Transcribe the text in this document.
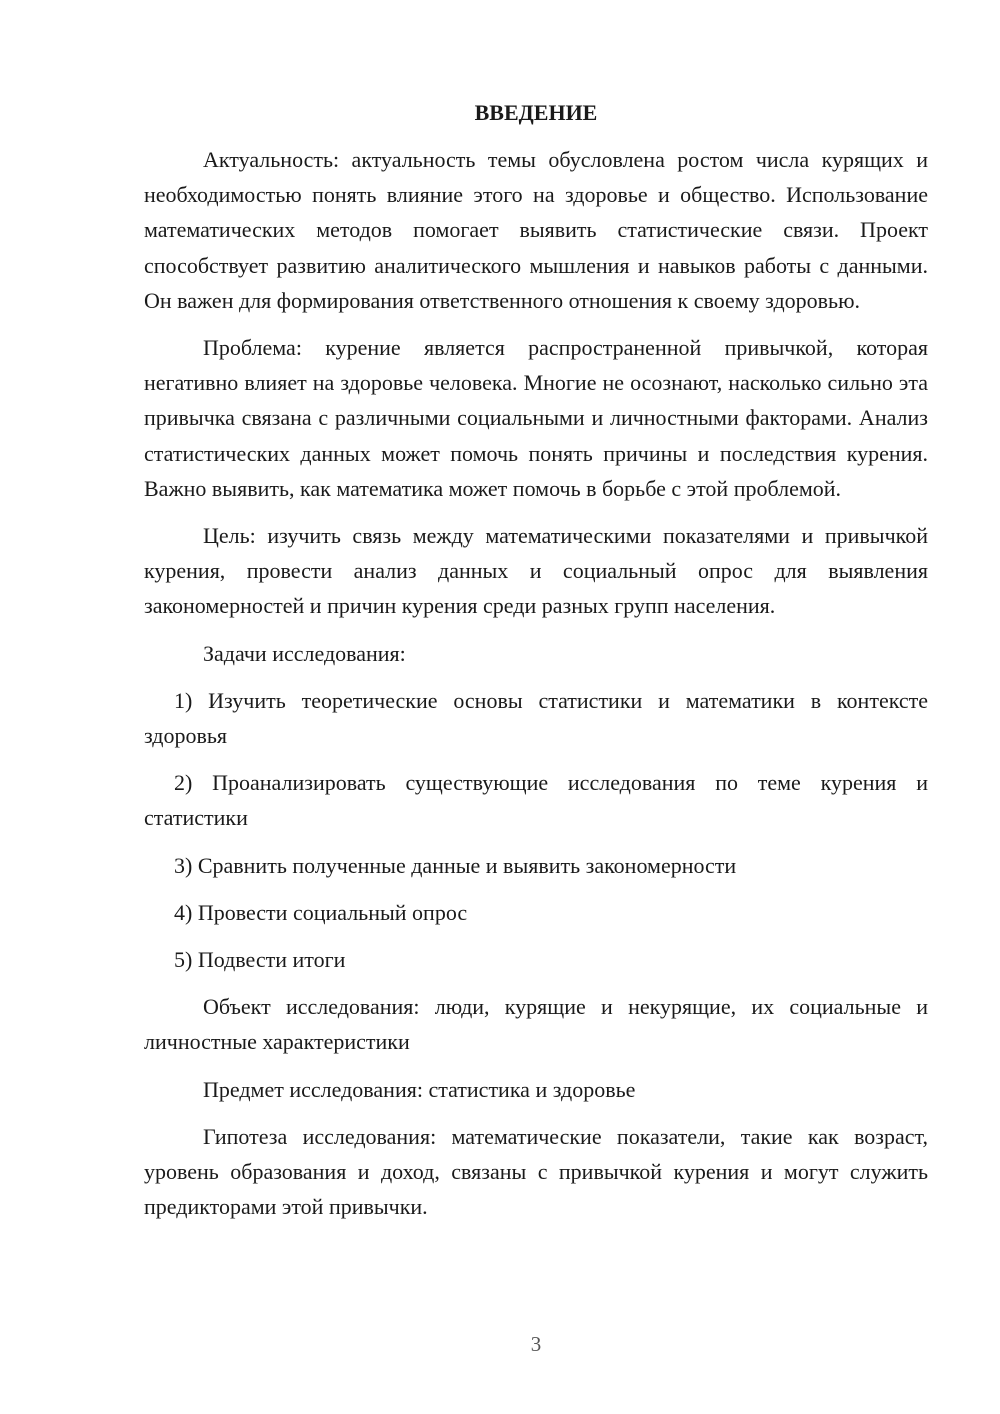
ВВЕДЕНИЕ

Актуальность: актуальность темы обусловлена ростом числа курящих и необходимостью понять влияние этого на здоровье и общество. Использование математических методов помогает выявить статистические связи. Проект способствует развитию аналитического мышления и навыков работы с данными. Он важен для формирования ответственного отношения к своему здоровью.

Проблема: курение является распространенной привычкой, которая негативно влияет на здоровье человека. Многие не осознают, насколько сильно эта привычка связана с различными социальными и личностными факторами. Анализ статистических данных может помочь понять причины и последствия курения. Важно выявить, как математика может помочь в борьбе с этой проблемой.

Цель: изучить связь между математическими показателями и привычкой курения, провести анализ данных и социальный опрос для выявления закономерностей и причин курения среди разных групп населения.

Задачи исследования:

1) Изучить теоретические основы статистики и математики в контексте здоровья

2) Проанализировать существующие исследования по теме курения и статистики

3) Сравнить полученные данные и выявить закономерности

4) Провести социальный опрос

5) Подвести итоги

Объект исследования: люди, курящие и некурящие, их социальные и личностные характеристики

Предмет исследования: статистика и здоровье

Гипотеза исследования: математические показатели, такие как возраст, уровень образования и доход, связаны с привычкой курения и могут служить предикторами этой привычки.

3
